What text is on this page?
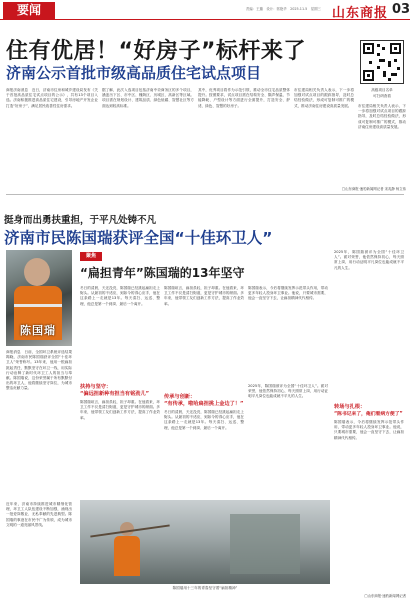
要闻	责编：王璐　设计：郭艳华　2025.11.5　星期三 山东商报 03
住有优居！“好房子”标杆来了
济南公示首批市级高品质住宅试点项目
商报济南消息　近日，济南市住房和城乡建设局发布《关于首批高品质住宅试点项目的公示》，共有13个项目入选。济南积极推进高品质住宅建设，引导房地产开发企业打造“好房子”，满足居民改善性住房需求。
据了解，此次入选项目包括济南中央商务区的多个项目，涵盖历下区、市中区、槐荫区、历城区、高新区等区域。项目需在规划设计、建筑品质、绿色低碳、智慧社区等方面达到较高标准。
其中，优秀项目将作为示范引领，推动全市住宅品质整体提升。按照要求，试点项目需在结构安全、隔声保温、节能降耗、户型设计等方面进行全面提升，打造安全、舒适、绿色、智慧的好房子。
市住建局相关负责人表示，下一步将加强对试点项目的跟踪指导，及时总结经验做法，形成可复制可推广的模式，推动济南住房建设高质量发展。
高级项目名单
可扫码查看
市住建局相关负责人表示，下一步将加强对试点项目的跟踪指导，及时总结经验做法，形成可复制可推广的模式，推动济南住房建设高质量发展。
□山东商报·速豹新闻网记者 宋兆静 杨立伟
挺身而出勇扶重担，于平凡处铸不凡
济南市民陈国瑞获评全国“十佳环卫人”
陈国瑞
商报消息　日前，全国环卫系统评选结果揭晓，济南市民陈国瑞获评全国“十佳环卫人”荣誉称号。13年来，他用一根扁担挑起责任，默默坚守在环卫一线，用实际行动诠释了新时代环卫工人的担当与奉献。陈国瑞说，这份荣誉属于所有默默付出的环卫人，他将继续坚守岗位，为城市整洁贡献力量。
近年来，济南市持续推进城市精细化管理，环卫工人队伍建设不断加强，涌现出一批爱岗敬业、无私奉献的先进典型。陈国瑞的事迹在市民中广为传颂，成为城市文明的一道亮丽风景线。
聚焦
“扁担青年”陈国瑞的13年坚守
冬日的清晨，天还没亮，陈国瑞已经挑起扁担走上街头。从最初的不适应，到如今的得心应手，他在这条路上一走就是13年。每天清扫、运送、整理，他总是第一个到岗、最后一个离开。
陈国瑞坦言，扁担虽轻，担子却重。在他看来，环卫工作不仅是清扫街道，更是守护城市的颜面。多年来，他带领工友们创新工作方法，提高了作业效率。
陈国瑞表示，今后将继续发挥示范带头作用，带动更多年轻人投身环卫事业。他说，只要城市需要，他会一直坚守下去，让扁担精神代代相传。
扶持与坚守：
“偏远担新种有担当有铭劲儿”
陈国瑞坦言，扁担虽轻，担子却重。在他看来，环卫工作不仅是清扫街道，更是守护城市的颜面。多年来，他带领工友们创新工作方法，提高了作业效率。
传承与创新：
“有传承，啦哈扁担挑上金边了！”
冬日的清晨，天还没亮，陈国瑞已经挑起扁担走上街头。从最初的不适应，到如今的得心应手，他在这条路上一走就是13年。每天清扫、运送、整理，他总是第一个到岗、最后一个离开。
2025年，陈国瑞被评为全国“十佳环卫人”。面对荣誉，他依然保持初心，每天照常上岗，用行动证明平凡岗位也能成就不平凡的人生。
2025年，陈国瑞被评为全国“十佳环卫人”。面对荣誉，他依然保持初心，每天照常上岗，用行动证明平凡岗位也能成就不平凡的人生。
转场与扎根：
“陈书记来了，俺们看病方便了”
陈国瑞表示，今后将继续发挥示范带头作用，带动更多年轻人投身环卫事业。他说，只要城市需要，他会一直坚守下去，让扁担精神代代相传。
陈国瑞用十三年的青春坚守着“扁担精神”
□山东商报·速豹新闻网记者
